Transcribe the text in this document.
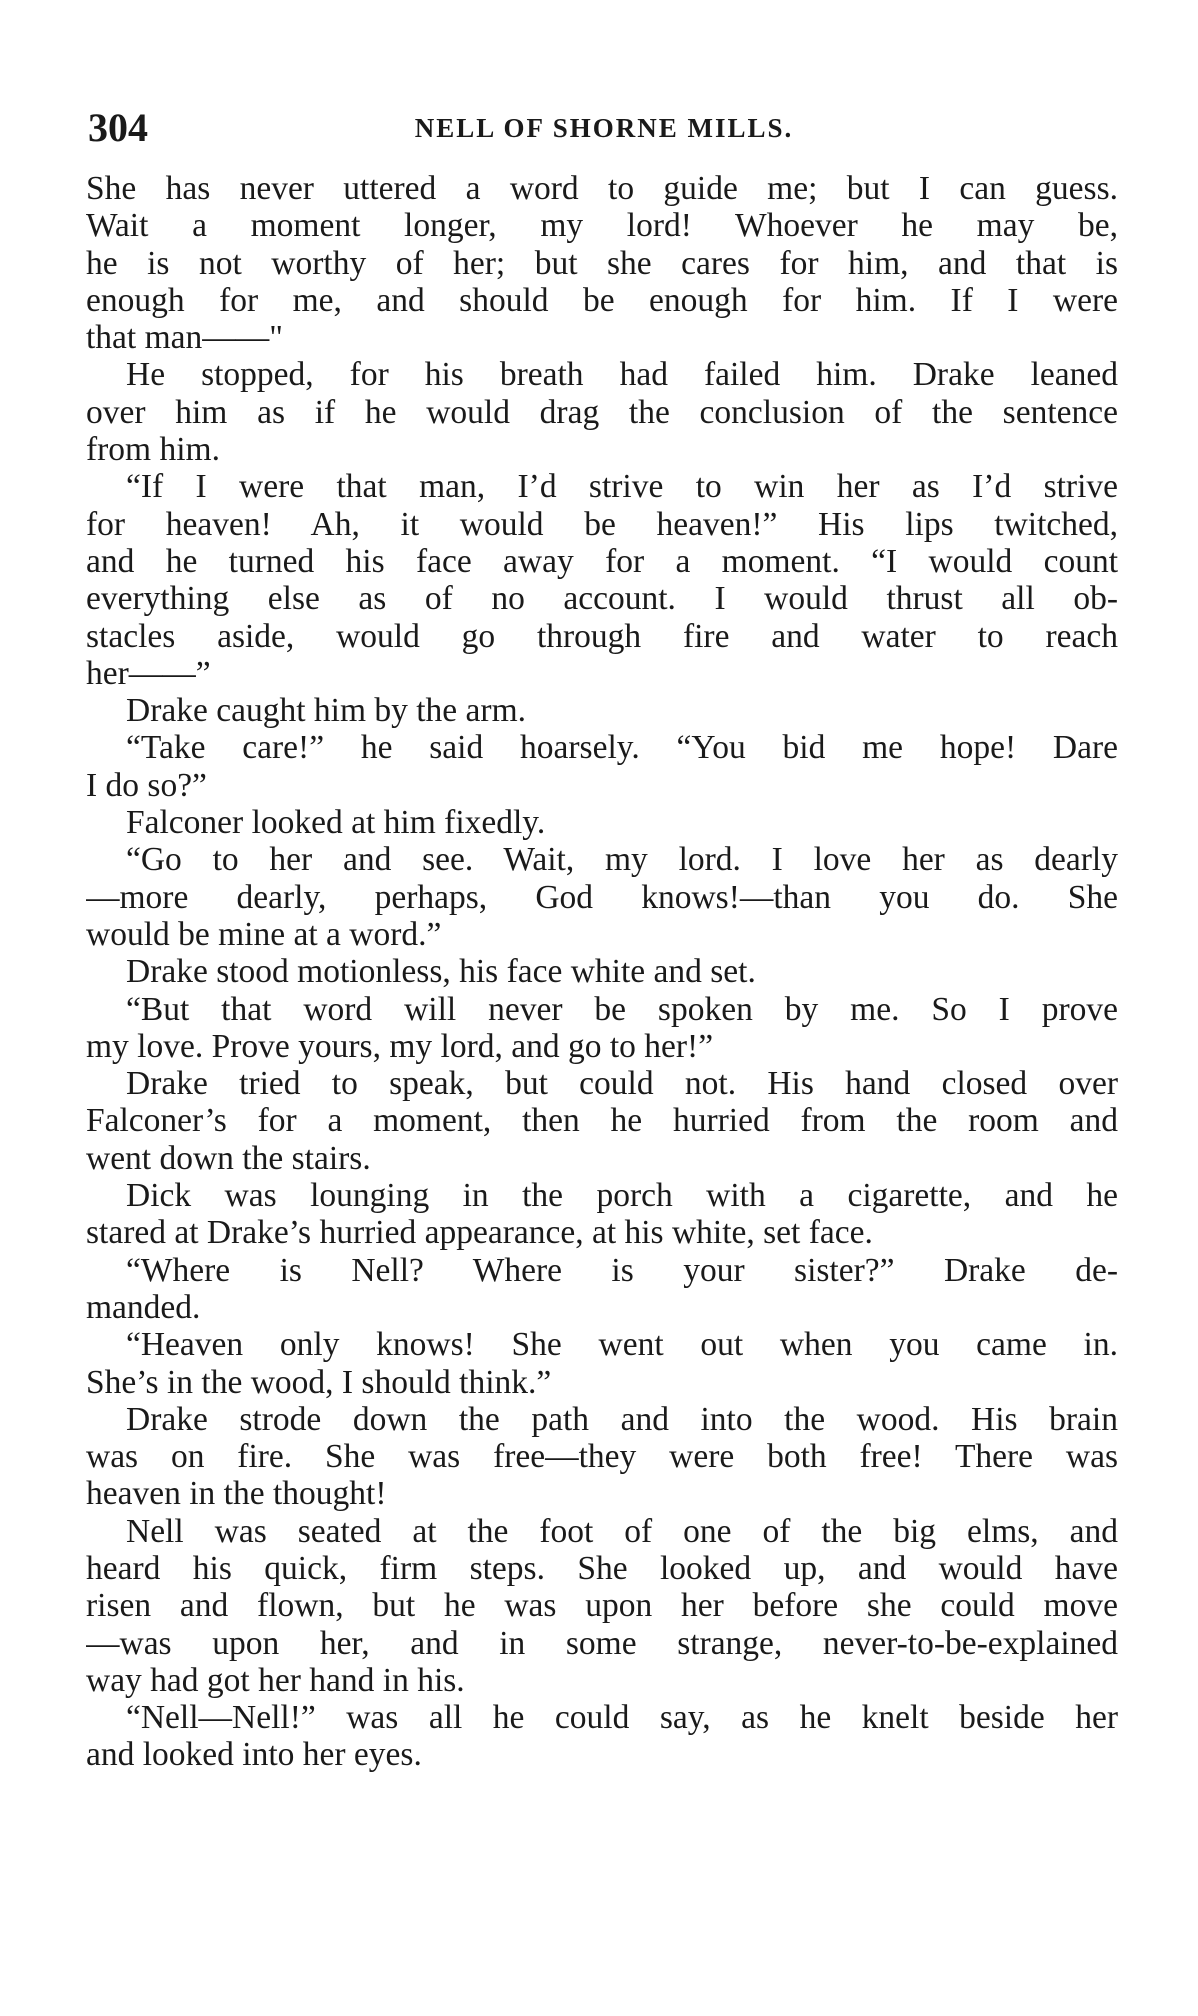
304	NELL OF SHORNE MILLS.
She has never uttered a word to guide me; but I can guess.
Wait a moment longer, my lord! Whoever he may be,
he is not worthy of her; but she cares for him, and that is
enough for me, and should be enough for him. If I were
that man——"
He stopped, for his breath had failed him. Drake leaned
over him as if he would drag the conclusion of the sentence
from him.
“If I were that man, I’d strive to win her as I’d strive
for heaven! Ah, it would be heaven!” His lips twitched,
and he turned his face away for a moment. “I would count
everything else as of no account. I would thrust all ob-
stacles aside, would go through fire and water to reach
her——”
Drake caught him by the arm.
“Take care!” he said hoarsely. “You bid me hope! Dare
I do so?”
Falconer looked at him fixedly.
“Go to her and see. Wait, my lord. I love her as dearly
—more dearly, perhaps, God knows!—than you do. She
would be mine at a word.”
Drake stood motionless, his face white and set.
“But that word will never be spoken by me. So I prove
my love. Prove yours, my lord, and go to her!”
Drake tried to speak, but could not. His hand closed over
Falconer’s for a moment, then he hurried from the room and
went down the stairs.
Dick was lounging in the porch with a cigarette, and he
stared at Drake’s hurried appearance, at his white, set face.
“Where is Nell? Where is your sister?” Drake de-
manded.
“Heaven only knows! She went out when you came in.
She’s in the wood, I should think.”
Drake strode down the path and into the wood. His brain
was on fire. She was free—they were both free! There was
heaven in the thought!
Nell was seated at the foot of one of the big elms, and
heard his quick, firm steps. She looked up, and would have
risen and flown, but he was upon her before she could move
—was upon her, and in some strange, never-to-be-explained
way had got her hand in his.
“Nell—Nell!” was all he could say, as he knelt beside her
and looked into her eyes.
